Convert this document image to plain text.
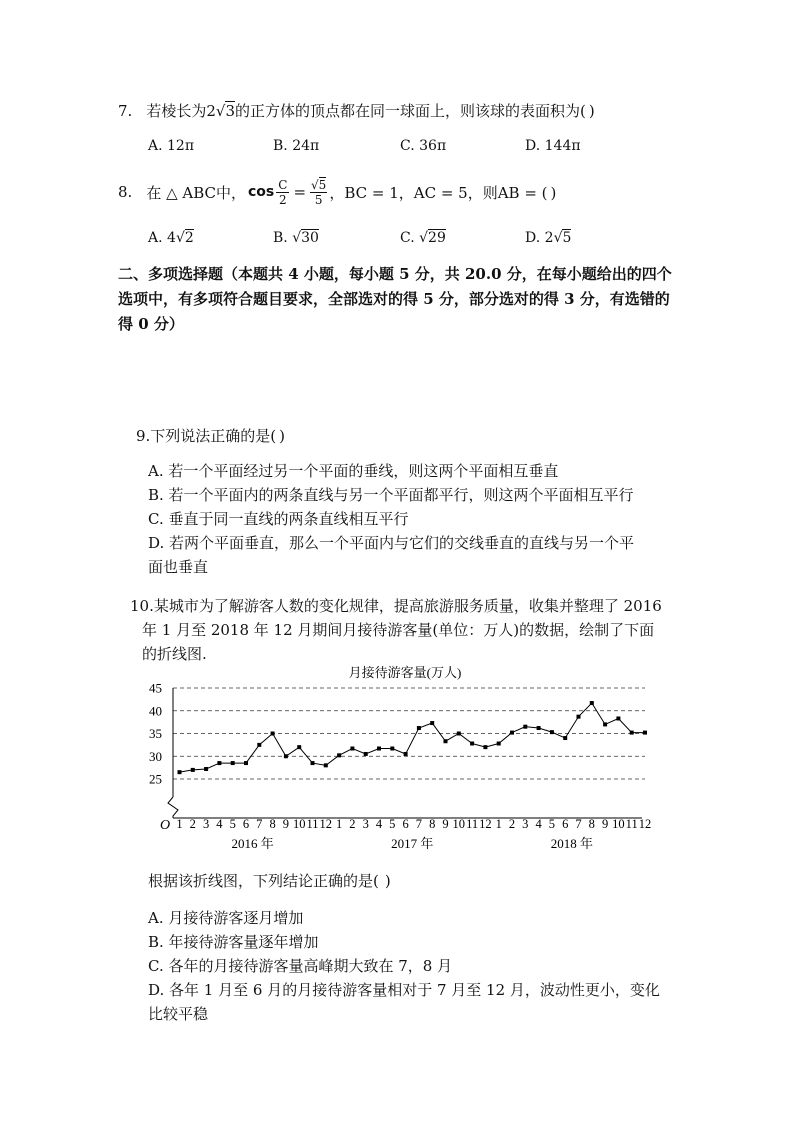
7. 若棱长为2√3的正方体的顶点都在同一球面上，则该球的表面积为( )
A. 12π	B. 24π	C. 36π	D. 144π
8. 在 △ ABC中， $\cos \frac{C}{2} = \frac{√5}{5}$ ，BC = 1，AC = 5，则AB = ( )
A. 4√2	B. √30	C. √29	D. 2√5
二、多项选择题（本题共 4 小题，每小题 5 分，共 20.0 分，在每小题给出的四个选项中，有多项符合题目要求，全部选对的得 5 分，部分选对的得 3 分，有选错的得 0 分）
9.下列说法正确的是( )
A. 若一个平面经过另一个平面的垂线，则这两个平面相互垂直
B. 若一个平面内的两条直线与另一个平面都平行，则这两个平面相互平行
C. 垂直于同一直线的两条直线相互平行
D. 若两个平面垂直，那么一个平面内与它们的交线垂直的直线与另一个平
面也垂直
10.某城市为了解游客人数的变化规律，提高旅游服务质量，收集并整理了 2016
年 1 月至 2018 年 12 月期间月接待游客量(单位：万人)的数据，绘制了下面
的折线图.
月接待游客量(万人)
25
30
35
40
45
1 2 3 4 5 6 7 8 9 10 11 12 1 2 3 4 5 6 7 8 9 10 11 12 1 2 3 4 5 6 7 8 9 10 11 12
2016 年	2017 年	2018 年
O
根据该折线图，下列结论正确的是(  )
A. 月接待游客逐月增加
B. 年接待游客量逐年增加
C. 各年的月接待游客量高峰期大致在 7，8 月
D. 各年 1 月至 6 月的月接待游客量相对于 7 月至 12 月，波动性更小，变化
比较平稳
